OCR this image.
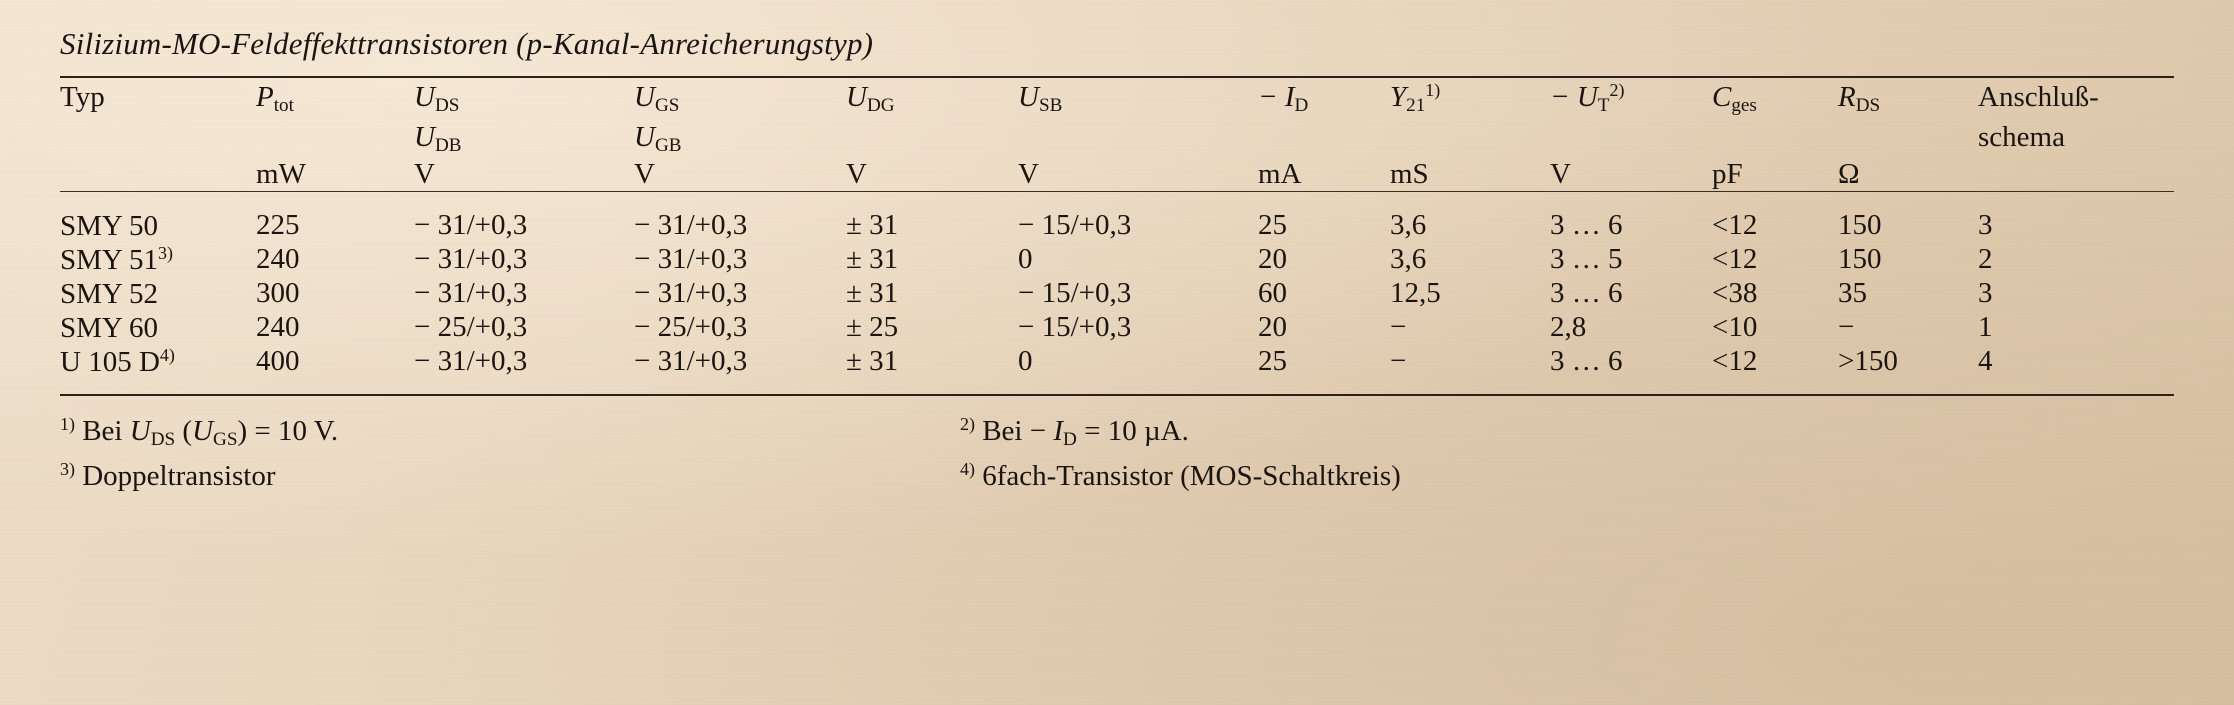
Silizium-MO-Feldeffekttransistoren (p-Kanal-Anreicherungstyp)
Typ	$P_{tot}$	$U_{DS}$	$U_{GS}$	$U_{DG}$	$U_{SB}$	− $I_D$	$Y_{21}^{1)}$	− $U_T^{2)}$	$C_{ges}$	$R_{DS}$	Anschluß-
		$U_{DB}$	$U_{GB}$								schema
	mW	V	V	V	V	mA	mS	V	pF	Ω	
SMY 50	225	− 31/+0,3	− 31/+0,3	± 31	− 15/+0,3	25	3,6	3 … 6	<12	150	3
SMY 51$^{3)}$	240	− 31/+0,3	− 31/+0,3	± 31	0	20	3,6	3 … 5	<12	150	2
SMY 52	300	− 31/+0,3	− 31/+0,3	± 31	− 15/+0,3	60	12,5	3 … 6	<38	35	3
SMY 60	240	− 25/+0,3	− 25/+0,3	± 25	− 15/+0,3	20	−	2,8	<10	−	1
U 105 $D^{4)}$	400	− 31/+0,3	− 31/+0,3	± 31	0	25	−	3 … 6	<12	>150	4
$^{1)}$ Bei $U_{DS}$ $(U_{GS}) = 10$ V.
$^{3)}$ Doppeltransistor
$^{2)}$ Bei − $I_D = 10$ µA.
$^{4)}$ 6fach-Transistor (MOS-Schaltkreis)
